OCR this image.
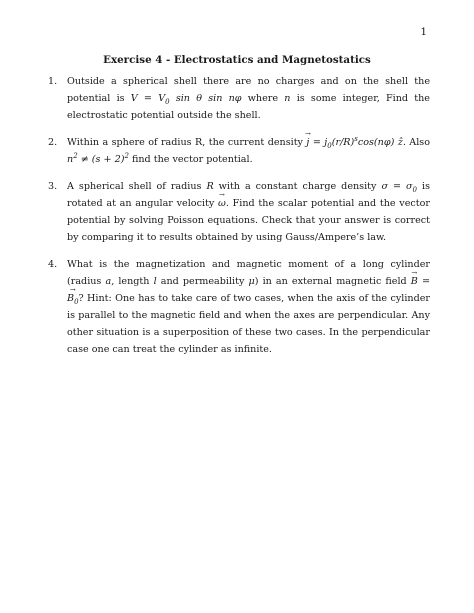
1
Exercise 4 - Electrostatics and Magnetostatics
1. Outside a spherical shell there are no charges and on the shell the potential is $V = V_0$ sin θ sin nφ where n is some integer, Find the electrostatic potential outside the shell.
2. Within a sphere of radius R, the current density → $j = j_0(r/R)^s\cos(n\varphi)$ ẑ. Also $n^2 \ne (s + 2)^2$ find the vector potential.
3. A spherical shell of radius R with a constant charge density $\sigma = \sigma_0$ is rotated at an angular velocity → ω. Find the scalar potential and the vector potential by solving Poisson equations. Check that your answer is correct by comparing it to results obtained by using Gauss/Ampere’s law.
4. What is the magnetization and magnetic moment of a long cylinder (radius a, length l and permeability μ) in an external magnetic field → B = → $B_0$? Hint: One has to take care of two cases, when the axis of the cylinder is parallel to the magnetic field and when the axes are perpendicular. Any other situation is a superposition of these two cases. In the perpendicular case one can treat the cylinder as infinite.
